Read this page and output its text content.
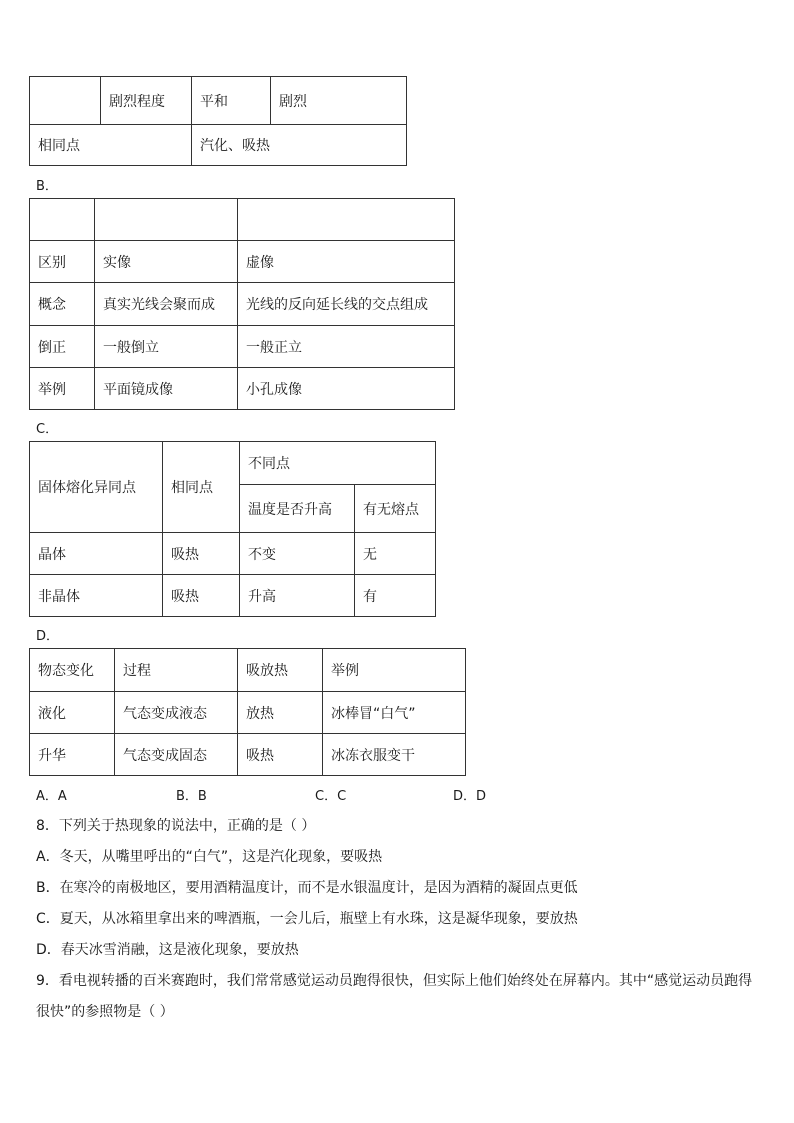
	剧烈程度	平和	剧烈
相同点		汽化、吸热	
B．

区别	实像	虚像
概念	真实光线会聚而成	光线的反向延长线的交点组成
倒正	一般倒立	一般正立
举例	平面镜成像	小孔成像
C．
固体熔化异同点	相同点	不同点	
		温度是否升高	有无熔点
晶体	吸热	不变	无
非晶体	吸热	升高	有
D．
物态变化	过程	吸放热	举例
液化	气态变成液态	放热	冰棒冒“白气”
升华	气态变成固态	吸热	冰冻衣服变干
A．A	B．B	C．C	D．D
8．下列关于热现象的说法中，正确的是（ ）
A．冬天，从嘴里呼出的“白气”，这是汽化现象，要吸热
B．在寒冷的南极地区，要用酒精温度计，而不是水银温度计，是因为酒精的凝固点更低
C．夏天，从冰箱里拿出来的啤酒瓶，一会儿后，瓶壁上有水珠，这是凝华现象，要放热
D．春天冰雪消融，这是液化现象，要放热
9．看电视转播的百米赛跑时，我们常常感觉运动员跑得很快，但实际上他们始终处在屏幕内。其中“感觉运动员跑得
很快”的参照物是（ ）
